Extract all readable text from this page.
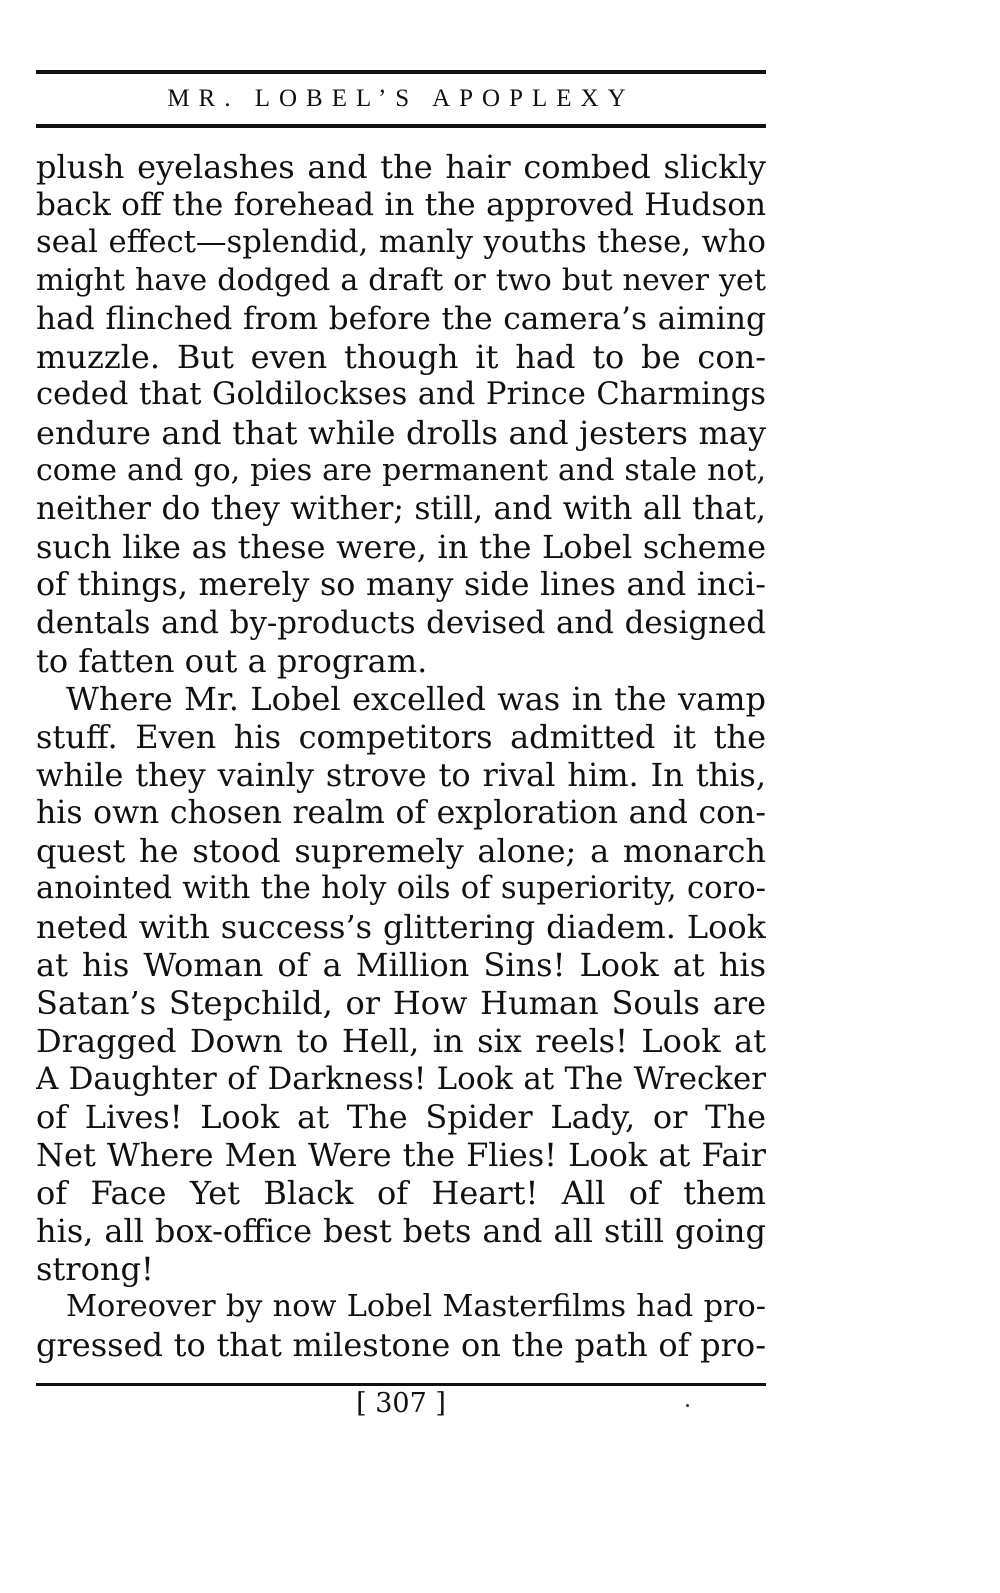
MR. LOBEL’S APOPLEXY
plush eyelashes and the hair combed slickly
back off the forehead in the approved Hudson
seal effect—splendid, manly youths these, who
might have dodged a draft or two but never yet
had flinched from before the camera’s aiming
muzzle. But even though it had to be con-
ceded that Goldilockses and Prince Charmings
endure and that while drolls and jesters may
come and go, pies are permanent and stale not,
neither do they wither; still, and with all that,
such like as these were, in the Lobel scheme
of things, merely so many side lines and inci-
dentals and by-products devised and designed
to fatten out a program.
Where Mr. Lobel excelled was in the vamp
stuff. Even his competitors admitted it the
while they vainly strove to rival him. In this,
his own chosen realm of exploration and con-
quest he stood supremely alone; a monarch
anointed with the holy oils of superiority, coro-
neted with success’s glittering diadem. Look
at his Woman of a Million Sins! Look at his
Satan’s Stepchild, or How Human Souls are
Dragged Down to Hell, in six reels! Look at
A Daughter of Darkness! Look at The Wrecker
of Lives! Look at The Spider Lady, or The
Net Where Men Were the Flies! Look at Fair
of Face Yet Black of Heart! All of them
his, all box-office best bets and all still going
strong!
Moreover by now Lobel Masterfilms had pro-
gressed to that milestone on the path of pro-
[ 307 ]
